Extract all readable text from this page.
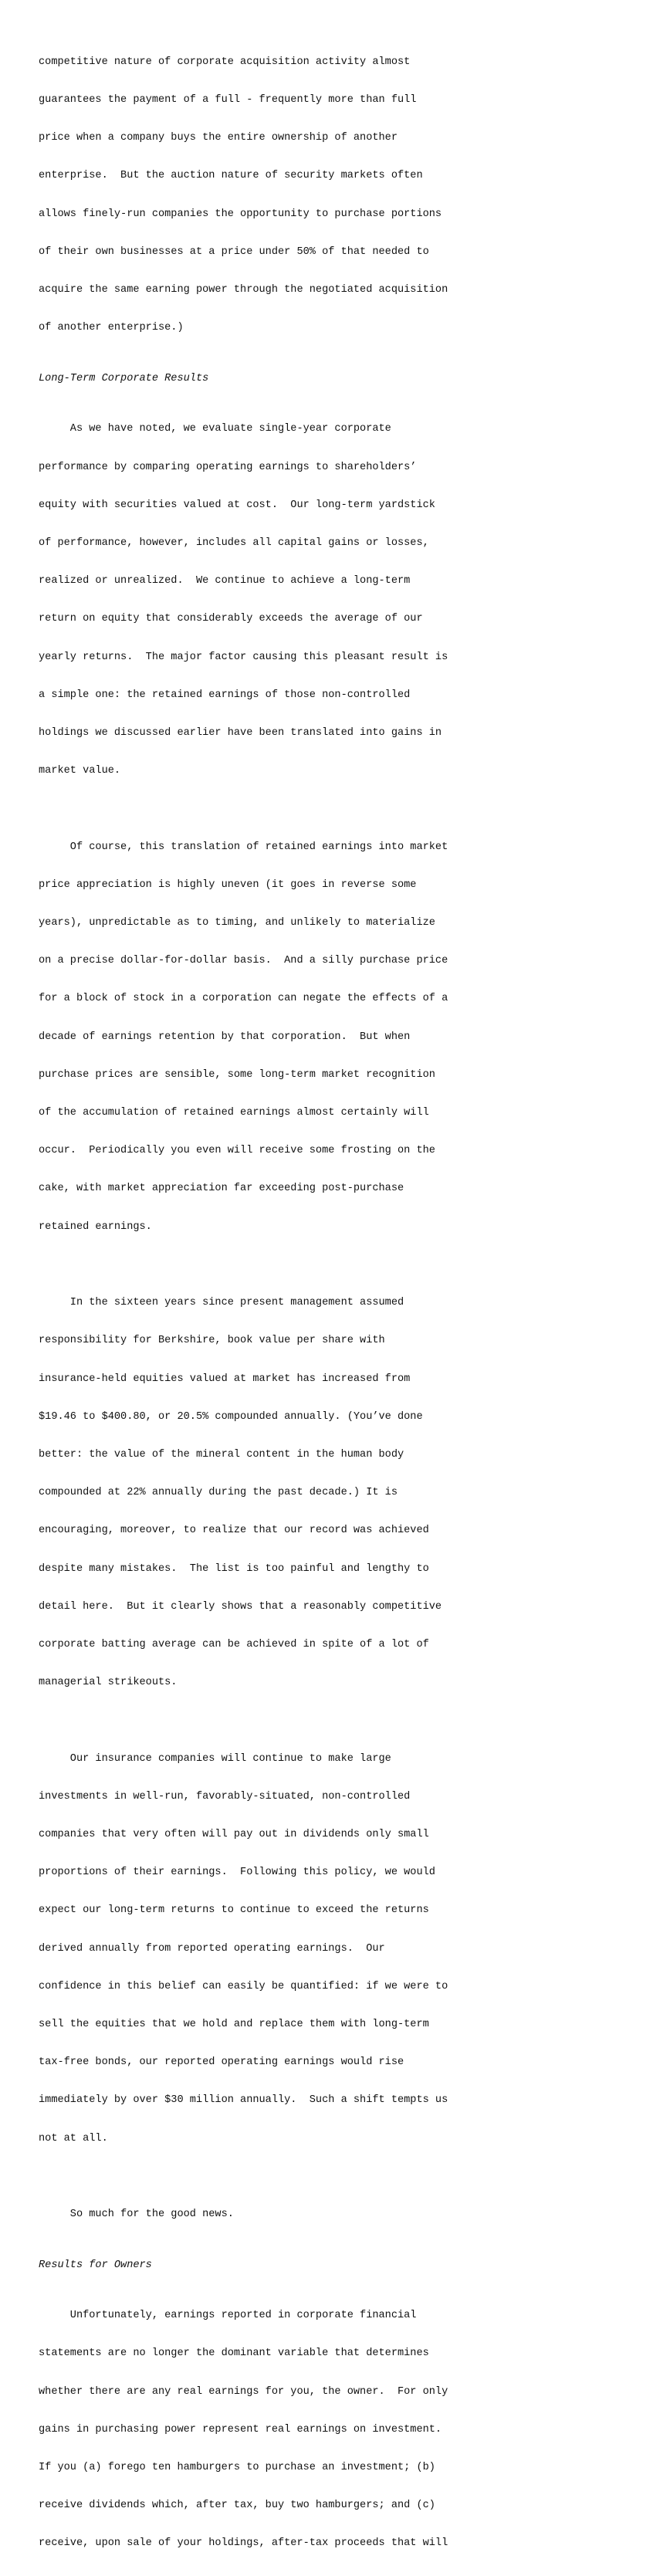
competitive nature of corporate acquisition activity almost

guarantees the payment of a full - frequently more than full

price when a company buys the entire ownership of another

enterprise.  But the auction nature of security markets often

allows finely-run companies the opportunity to purchase portions

of their own businesses at a price under 50% of that needed to

acquire the same earning power through the negotiated acquisition

of another enterprise.)

Long-Term Corporate Results

As we have noted, we evaluate single-year corporate

performance by comparing operating earnings to shareholders’

equity with securities valued at cost.  Our long-term yardstick

of performance, however, includes all capital gains or losses,

realized or unrealized.  We continue to achieve a long-term

return on equity that considerably exceeds the average of our

yearly returns.  The major factor causing this pleasant result is

a simple one: the retained earnings of those non-controlled

holdings we discussed earlier have been translated into gains in

market value.

Of course, this translation of retained earnings into market

price appreciation is highly uneven (it goes in reverse some

years), unpredictable as to timing, and unlikely to materialize

on a precise dollar-for-dollar basis.  And a silly purchase price

for a block of stock in a corporation can negate the effects of a

decade of earnings retention by that corporation.  But when

purchase prices are sensible, some long-term market recognition

of the accumulation of retained earnings almost certainly will

occur.  Periodically you even will receive some frosting on the

cake, with market appreciation far exceeding post-purchase

retained earnings.

In the sixteen years since present management assumed

responsibility for Berkshire, book value per share with

insurance-held equities valued at market has increased from

$19.46 to $400.80, or 20.5% compounded annually. (You’ve done

better: the value of the mineral content in the human body

compounded at 22% annually during the past decade.) It is

encouraging, moreover, to realize that our record was achieved

despite many mistakes.  The list is too painful and lengthy to

detail here.  But it clearly shows that a reasonably competitive

corporate batting average can be achieved in spite of a lot of

managerial strikeouts.

Our insurance companies will continue to make large

investments in well-run, favorably-situated, non-controlled

companies that very often will pay out in dividends only small

proportions of their earnings.  Following this policy, we would

expect our long-term returns to continue to exceed the returns

derived annually from reported operating earnings.  Our

confidence in this belief can easily be quantified: if we were to

sell the equities that we hold and replace them with long-term

tax-free bonds, our reported operating earnings would rise

immediately by over $30 million annually.  Such a shift tempts us

not at all.

So much for the good news.

Results for Owners

Unfortunately, earnings reported in corporate financial

statements are no longer the dominant variable that determines

whether there are any real earnings for you, the owner.  For only

gains in purchasing power represent real earnings on investment.

If you (a) forego ten hamburgers to purchase an investment; (b)

receive dividends which, after tax, buy two hamburgers; and (c)

receive, upon sale of your holdings, after-tax proceeds that will
